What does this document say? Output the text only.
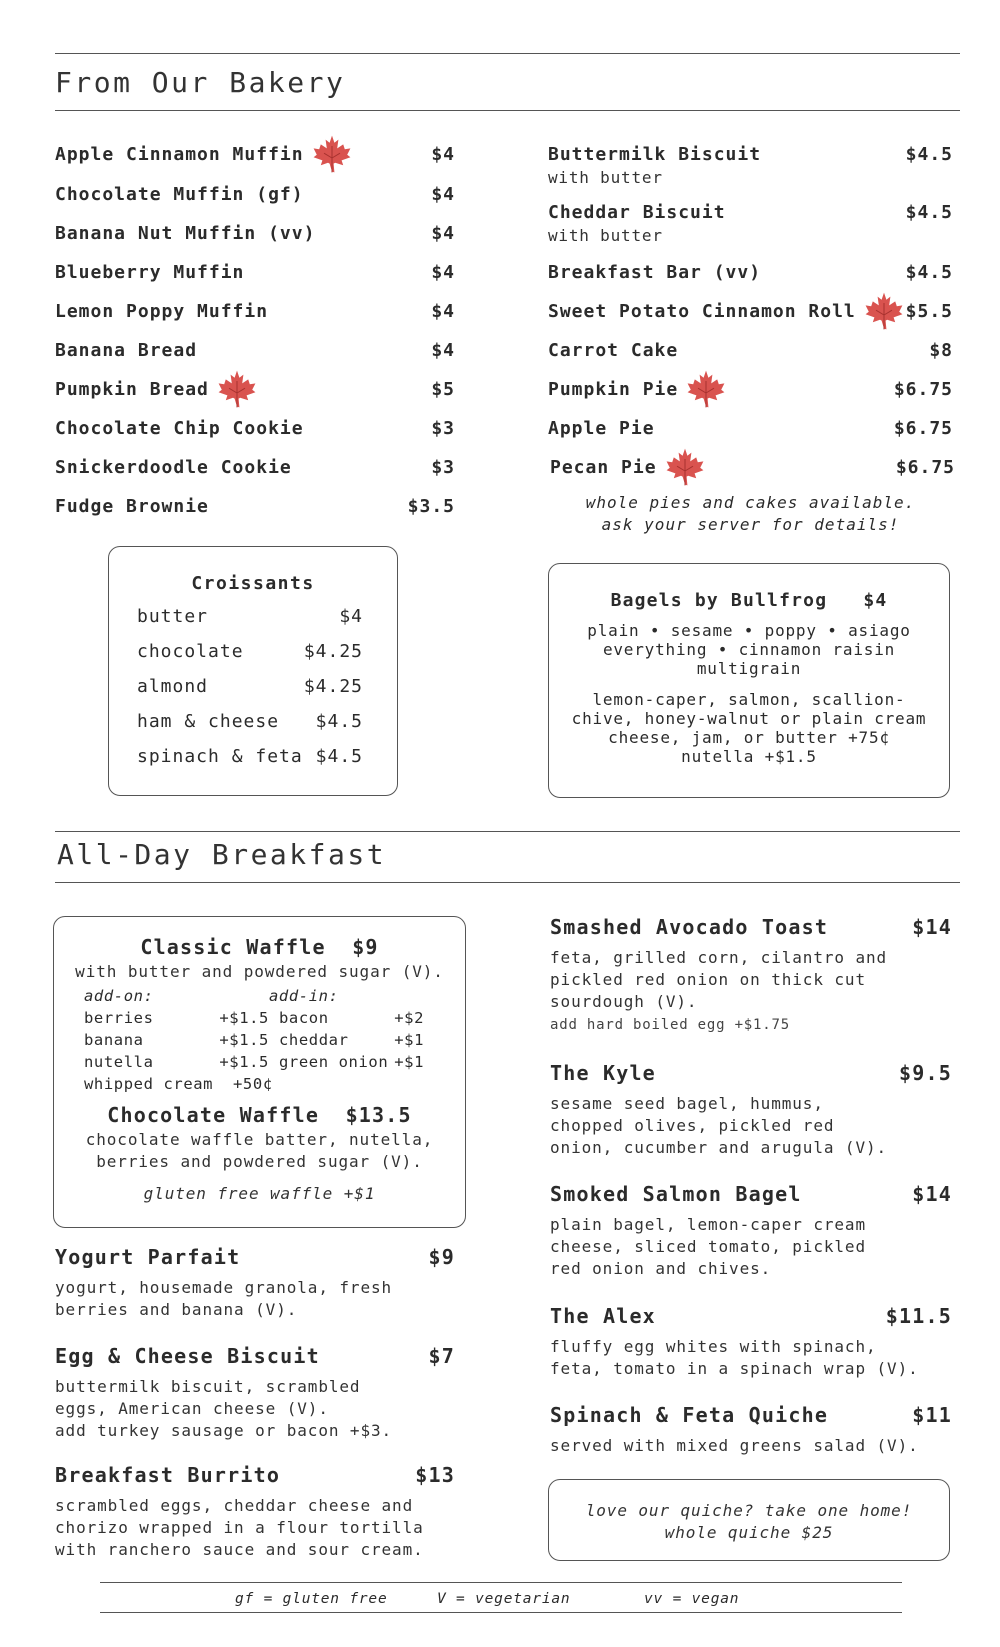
From Our Bakery
Apple Cinnamon Muffin	$4
Chocolate Muffin (gf)	$4
Banana Nut Muffin (vv)	$4
Blueberry Muffin	$4
Lemon Poppy Muffin	$4
Banana Bread	$4
Pumpkin Bread	$5
Chocolate Chip Cookie	$3
Snickerdoodle Cookie	$3
Fudge Brownie	$3.5
Buttermilk Biscuit	$4.5
with butter
Cheddar Biscuit	$4.5
with butter
Breakfast Bar (vv)	$4.5
Sweet Potato Cinnamon Roll	$5.5
Carrot Cake	$8
Pumpkin Pie	$6.75
Apple Pie	$6.75
Pecan Pie	$6.75
whole pies and cakes available.
ask your server for details!
Croissants
butter	$4
chocolate	$4.25
almond	$4.25
ham & cheese $4.5
spinach & feta $4.5
Bagels by Bullfrog $4
plain • sesame • poppy • asiago
everything • cinnamon raisin
multigrain
lemon-caper, salmon, scallion-
chive, honey-walnut or plain cream
cheese, jam, or butter +75¢
nutella +$1.5
All-Day Breakfast
Classic Waffle $9
with butter and powdered sugar (V).
add-on:	add-in:
berries	+$1.5 bacon	+$2
banana	+$1.5 cheddar	+$1
nutella	+$1.5 green onion +$1
whipped cream +50¢
Chocolate Waffle $13.5
chocolate waffle batter, nutella,
berries and powdered sugar (V).
gluten free waffle +$1
Yogurt Parfait	$9
yogurt, housemade granola, fresh
berries and banana (V).
Egg & Cheese Biscuit	$7
buttermilk biscuit, scrambled
eggs, American cheese (V).
add turkey sausage or bacon +$3.
Breakfast Burrito	$13
scrambled eggs, cheddar cheese and
chorizo wrapped in a flour tortilla
with ranchero sauce and sour cream.
Smashed Avocado Toast	$14
feta, grilled corn, cilantro and
pickled red onion on thick cut
sourdough (V).
add hard boiled egg +$1.75
The Kyle	$9.5
sesame seed bagel, hummus,
chopped olives, pickled red
onion, cucumber and arugula (V).
Smoked Salmon Bagel	$14
plain bagel, lemon-caper cream
cheese, sliced tomato, pickled
red onion and chives.
The Alex	$11.5
fluffy egg whites with spinach,
feta, tomato in a spinach wrap (V).
Spinach & Feta Quiche	$11
served with mixed greens salad (V).
love our quiche? take one home!
whole quiche $25
gf = gluten free	V = vegetarian	vv = vegan
